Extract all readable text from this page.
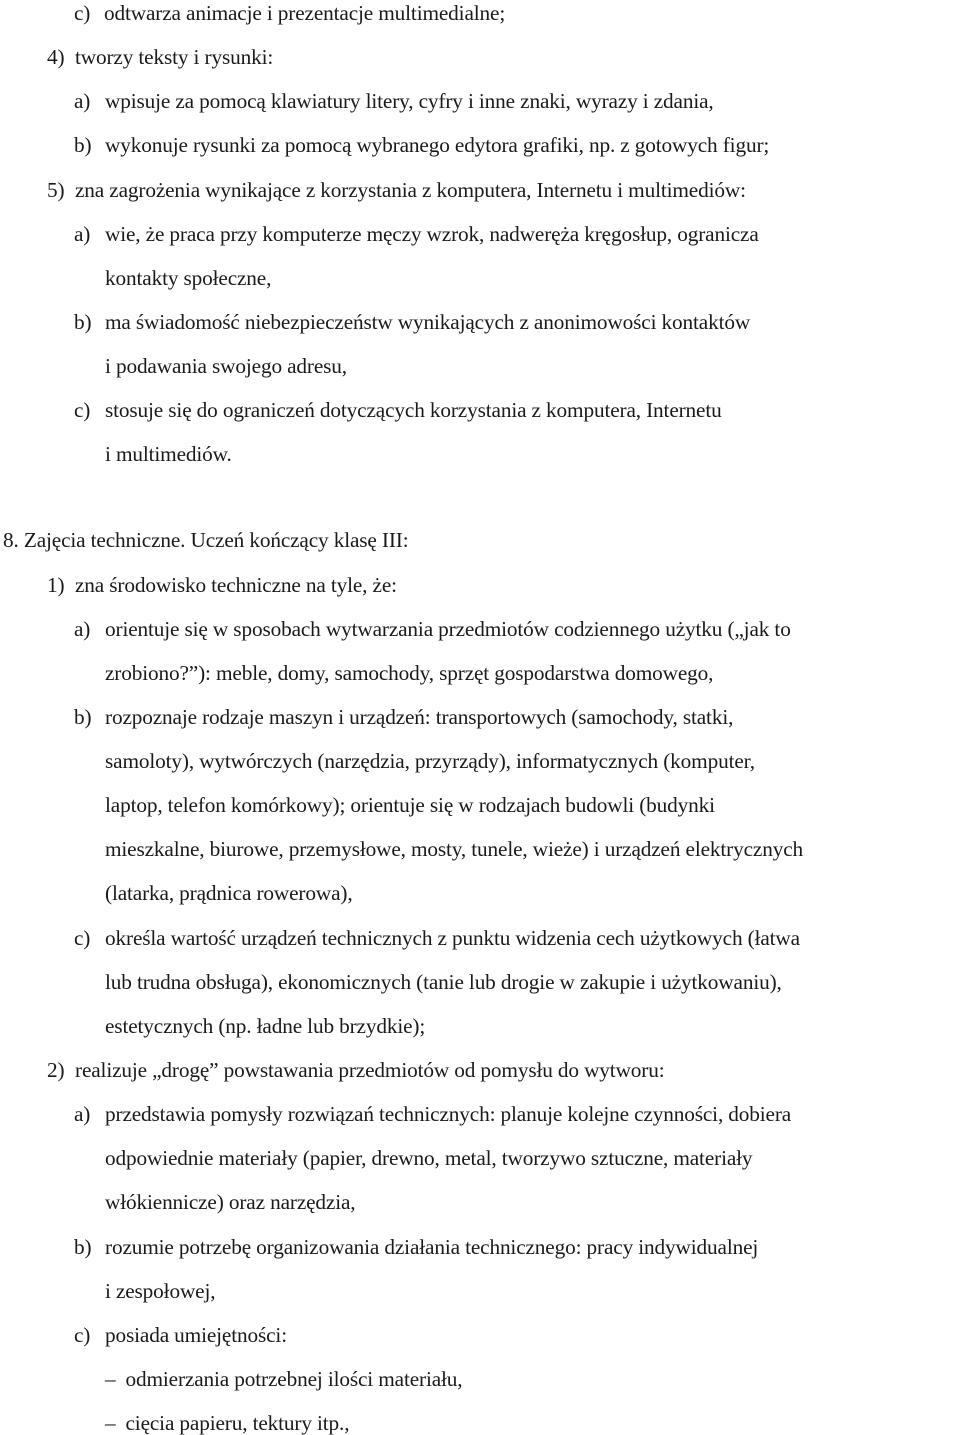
c) odtwarza animacje i prezentacje multimedialne;
4) tworzy teksty i rysunki:
a) wpisuje za pomocą klawiatury litery, cyfry i inne znaki, wyrazy i zdania,
b) wykonuje rysunki za pomocą wybranego edytora grafiki, np. z gotowych figur;
5) zna zagrożenia wynikające z korzystania z komputera, Internetu i multimediów:
a) wie, że praca przy komputerze męczy wzrok, nadweręża kręgosłup, ogranicza
kontakty społeczne,
b) ma świadomość niebezpieczeństw wynikających z anonimowości kontaktów
i podawania swojego adresu,
c) stosuje się do ograniczeń dotyczących korzystania z komputera, Internetu
i multimediów.
8. Zajęcia techniczne. Uczeń kończący klasę III:
1) zna środowisko techniczne na tyle, że:
a) orientuje się w sposobach wytwarzania przedmiotów codziennego użytku („jak to
zrobiono?”): meble, domy, samochody, sprzęt gospodarstwa domowego,
b) rozpoznaje rodzaje maszyn i urządzeń: transportowych (samochody, statki,
samoloty), wytwórczych (narzędzia, przyrządy), informatycznych (komputer,
laptop, telefon komórkowy); orientuje się w rodzajach budowli (budynki
mieszkalne, biurowe, przemysłowe, mosty, tunele, wieże) i urządzeń elektrycznych
(latarka, prądnica rowerowa),
c) określa wartość urządzeń technicznych z punktu widzenia cech użytkowych (łatwa
lub trudna obsługa), ekonomicznych (tanie lub drogie w zakupie i użytkowaniu),
estetycznych (np. ładne lub brzydkie);
2) realizuje „drogę” powstawania przedmiotów od pomysłu do wytworu:
a) przedstawia pomysły rozwiązań technicznych: planuje kolejne czynności, dobiera
odpowiednie materiały (papier, drewno, metal, tworzywo sztuczne, materiały
włókiennicze) oraz narzędzia,
b) rozumie potrzebę organizowania działania technicznego: pracy indywidualnej
i zespołowej,
c) posiada umiejętności:
– odmierzania potrzebnej ilości materiału,
– cięcia papieru, tektury itp.,
